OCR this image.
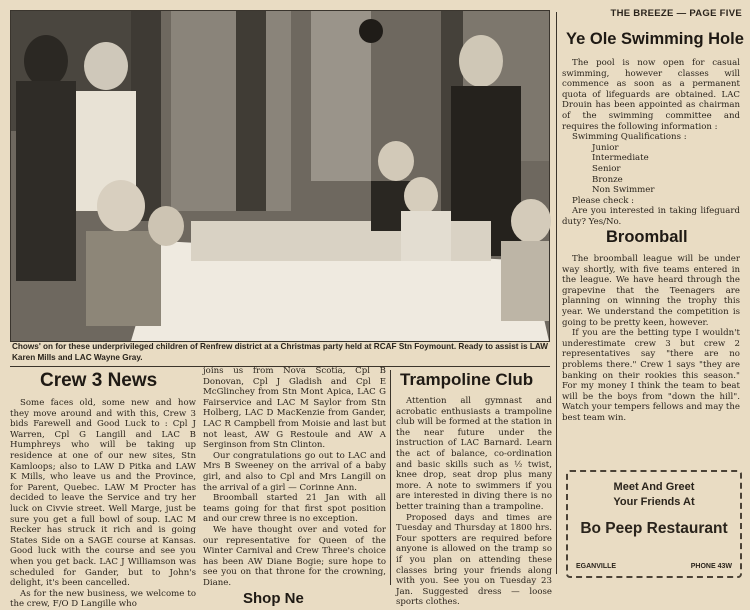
THE BREEZE — PAGE FIVE
Chows' on for these underprivileged children of Renfrew district at a Christmas party held at RCAF Stn Foymount. Ready to assist is LAW Karen Mills and LAC Wayne Gray.
Ye Ole Swimming Hole

The pool is now open for casual swimming, however classes will commence as soon as a permanent quota of lifeguards are obtained. LAC Drouin has been appointed as chairman of the swimming committee and requires the following information :

Swimming Qualifications :

Junior
Intermediate
Senior
Bronze
Non Swimmer

Please check :

Are you interested in taking lifeguard duty? Yes/No.

Broomball

The broomball league will be under way shortly, with five teams entered in the league. We have heard through the grapevine that the Teenagers are planning on winning the trophy this year. We understand the competition is going to be pretty keen, however.

If you are the betting type I wouldn't underestimate crew 3 but crew 2 representatives say "there are no problems there." Crew 1 says "they are banking on their rookies this season." For my money I think the team to beat will be the boys from "down the hill". Watch your tempers fellows and may the best team win.

Crew 3 News

Some faces old, some new and how they move around and with this, Crew 3 bids Farewell and Good Luck to : Cpl J Warren, Cpl G Langill and LAC B Humphreys who will be taking up residence at one of our new sites, Stn Kamloops; also to LAW D Pitka and LAW K Mills, who leave us and the Province, for Parent, Quebec. LAW M Procter has decided to leave the Service and try her luck on Civvie street. Well Marge, just be sure you get a full bowl of soup. LAC M Recker has struck it rich and is going States Side on a SAGE course at Kansas. Good luck with the course and see you when you get back. LAC J Williamson was scheduled for Gander, but to John's delight, it's been cancelled.

As for the new business, we welcome to the crew, F/O D Langille who

joins us from Nova Scotia, Cpl B Donovan, Cpl J Gladish and Cpl E McGlinchey from Stn Mont Apica, LAC G Fairservice and LAC M Saylor from Stn Holberg, LAC D MacKenzie from Gander, LAC R Campbell from Moisie and last but not least, AW G Restoule and AW A Serginson from Stn Clinton.

Our congratulations go out to LAC and Mrs B Sweeney on the arrival of a baby girl, and also to Cpl and Mrs Langill on the arrival of a girl — Corinne Ann.

Broomball started 21 Jan with all teams going for that first spot position and our crew three is no exception.

We have thought over and voted for our representative for Queen of the Winter Carnival and Crew Three's choice has been AW Diane Bogie; sure hope to see you on that throne for the crowning, Diane.

Shop Ne
Trampoline Club

Attention all gymnast and acrobatic enthusiasts a trampoline club will be formed at the station in the near future under the instruction of LAC Barnard. Learn the act of balance, co-ordination and basic skills such as ½ twist, knee drop, seat drop plus many more. A note to swimmers if you are interested in diving there is no better training than a trampoline.

Proposed days and times are Tuesday and Thursday at 1800 hrs. Four spotters are required before anyone is allowed on the tramp so if you plan on attending these classes bring your friends along with you. See you on Tuesday 23 Jan. Suggested dress — loose sports clothes.

Meet And Greet
Your Friends At
Bo Peep Restaurant
EGANVILLE	PHONE 43W
